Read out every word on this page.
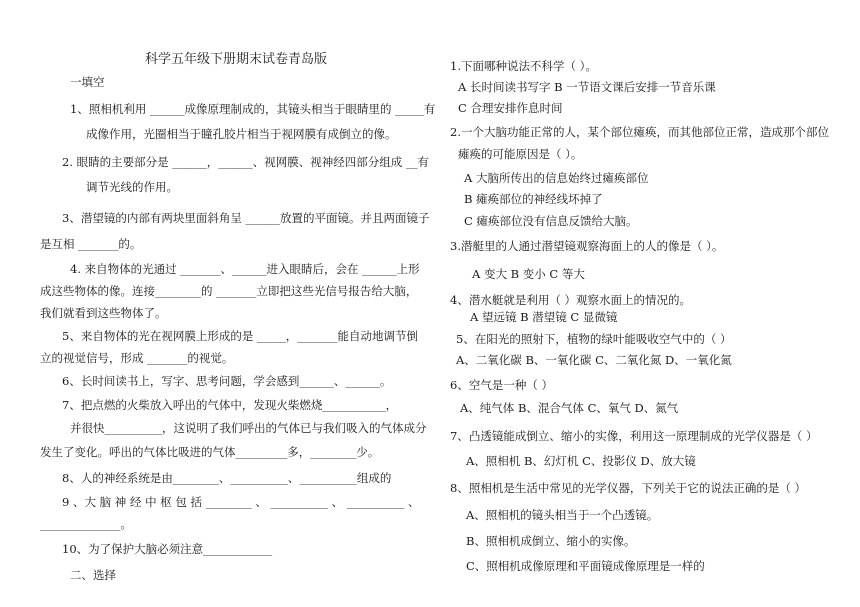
科学五年级下册期末试卷青岛版
一填空
1、照相机利用 ______成像原理制成的，其镜头相当于眼睛里的 _____有
成像作用，光圈相当于瞳孔胶片相当于视网膜有成倒立的像。
2. 眼睛的主要部分是 ______，______、视网膜、视神经四部分组成 __有
调节光线的作用。
3、潜望镜的内部有两块里面斜角呈 ______放置的平面镜。并且两面镜子
是互相 _______的。
4. 来自物体的光通过 _______、______进入眼睛后，会在 ______上形
成这些物体的像。连接________的 _______立即把这些光信号报告给大脑，
我们就看到这些物体了。
5、来自物体的光在视网膜上形成的是 _____，_______能自动地调节倒
立的视觉信号，形成 _______的视觉。
6、长时间读书上，写字、思考问题，学会感到______、______。
7、把点燃的火柴放入呼出的气体中，发现火柴燃烧___________，
并很快__________，这说明了我们呼出的气体已与我们吸入的气体成分
发生了变化。呼出的气体比吸进的气体_________多，________少。
8、人的神经系统是由________、__________、__________组成的
9 、大 脑 神 经 中 枢 包 括 ________ 、 __________ 、 __________ 、
______________。
10、为了保护大脑必须注意____________
二、选择
1.下面哪种说法不科学（ ）。
A 长时间读书写字 B 一节语文课后安排一节音乐课
C 合理安排作息时间
2.一个大脑功能正常的人，某个部位瘫痪，而其他部位正常，造成那个部位
瘫痪的可能原因是（ ）。
A 大脑所传出的信息始终过瘫痪部位
B 瘫痪部位的神经线坏掉了
C 瘫痪部位没有信息反馈给大脑。
3.潜艇里的人通过潜望镜观察海面上的人的像是（ ）。
A 变大 B 变小 C 等大
4、潜水艇就是利用（ ）观察水面上的情况的。
A 望远镜 B 潜望镜 C 显微镜
5、在阳光的照射下，植物的绿叶能吸收空气中的（ ）
A、二氧化碳 B、一氧化碳 C、二氧化氮 D、一氧化氮
6、空气是一种（ ）
A、纯气体 B、混合气体 C、氧气 D、氮气
7、凸透镜能成倒立、缩小的实像，利用这一原理制成的光学仪器是（ ）
A、照相机 B、幻灯机 C、投影仪 D、放大镜
8、照相机是生活中常见的光学仪器，下列关于它的说法正确的是（ ）
A、照相机的镜头相当于一个凸透镜。
B、照相机成倒立、缩小的实像。
C、照相机成像原理和平面镜成像原理是一样的
